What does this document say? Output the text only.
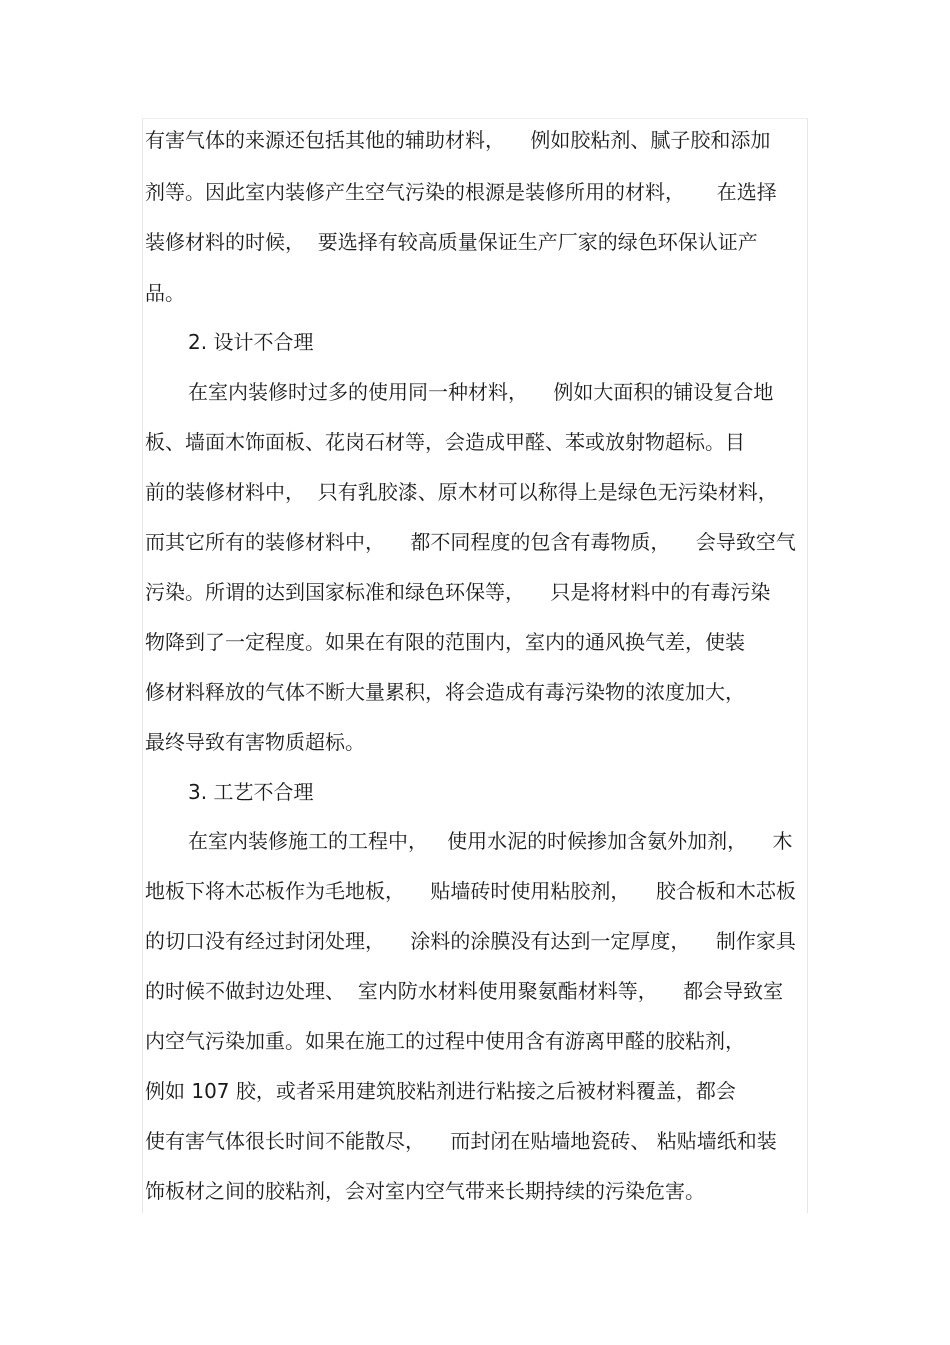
有害气体的来源还包括其他的辅助材料，    例如胶粘剂、腻子胶和添加
剂等。因此室内装修产生空气污染的根源是装修所用的材料，     在选择
装修材料的时候，  要选择有较高质量保证生产厂家的绿色环保认证产
品。
2. 设计不合理
在室内装修时过多的使用同一种材料，    例如大面积的铺设复合地
板、墙面木饰面板、花岗石材等，会造成甲醛、苯或放射物超标。目
前的装修材料中，  只有乳胶漆、原木材可以称得上是绿色无污染材料，
而其它所有的装修材料中，    都不同程度的包含有毒物质，    会导致空气
污染。所谓的达到国家标准和绿色环保等，    只是将材料中的有毒污染
物降到了一定程度。如果在有限的范围内，室内的通风换气差，使装
修材料释放的气体不断大量累积，将会造成有毒污染物的浓度加大，
最终导致有害物质超标。
3. 工艺不合理
在室内装修施工的工程中，   使用水泥的时候掺加含氨外加剂，    木
地板下将木芯板作为毛地板，    贴墙砖时使用粘胶剂，    胶合板和木芯板
的切口没有经过封闭处理，    涂料的涂膜没有达到一定厚度，    制作家具
的时候不做封边处理、  室内防水材料使用聚氨酯材料等，    都会导致室
内空气污染加重。如果在施工的过程中使用含有游离甲醛的胶粘剂，
例如 107 胶，或者采用建筑胶粘剂进行粘接之后被材料覆盖，都会
使有害气体很长时间不能散尽，    而封闭在贴墙地瓷砖、 粘贴墙纸和装
饰板材之间的胶粘剂，会对室内空气带来长期持续的污染危害。
